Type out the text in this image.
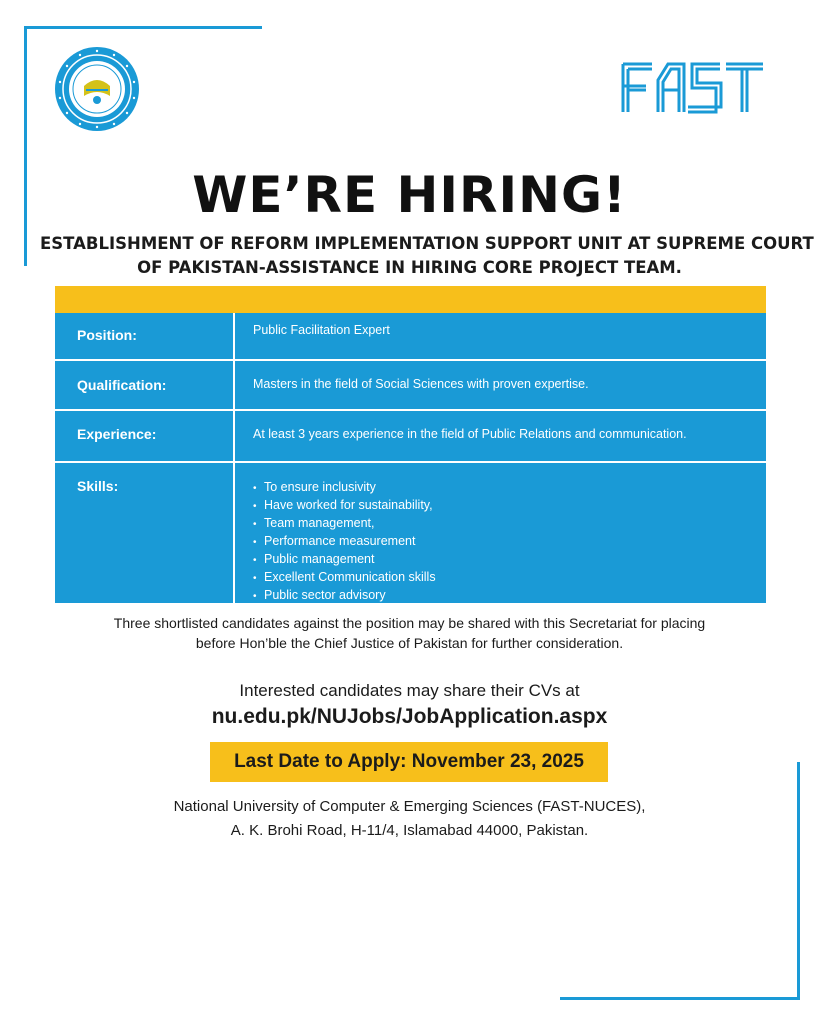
WE’RE HIRING!
ESTABLISHMENT OF REFORM IMPLEMENTATION SUPPORT UNIT AT SUPREME COURT
OF PAKISTAN-ASSISTANCE IN HIRING CORE PROJECT TEAM.
Position:	Public Facilitation Expert
Qualification:	Masters in the field of Social Sciences with proven expertise.
Experience:	At least 3 years experience in the field of Public Relations and communication.
Skills:
•	To ensure inclusivity
• Have worked for sustainability,
• Team management,
• Performance measurement
• Public management
• Excellent Communication skills
• Public sector advisory
Three shortlisted candidates against the position may be shared with this Secretariat for placing
before Hon’ble the Chief Justice of Pakistan for further consideration.
Interested candidates may share their CVs at
nu.edu.pk/NUJobs/JobApplication.aspx
Last Date to Apply: November 23, 2025
National University of Computer & Emerging Sciences (FAST-NUCES),
A. K. Brohi Road, H-11/4, Islamabad 44000, Pakistan.
